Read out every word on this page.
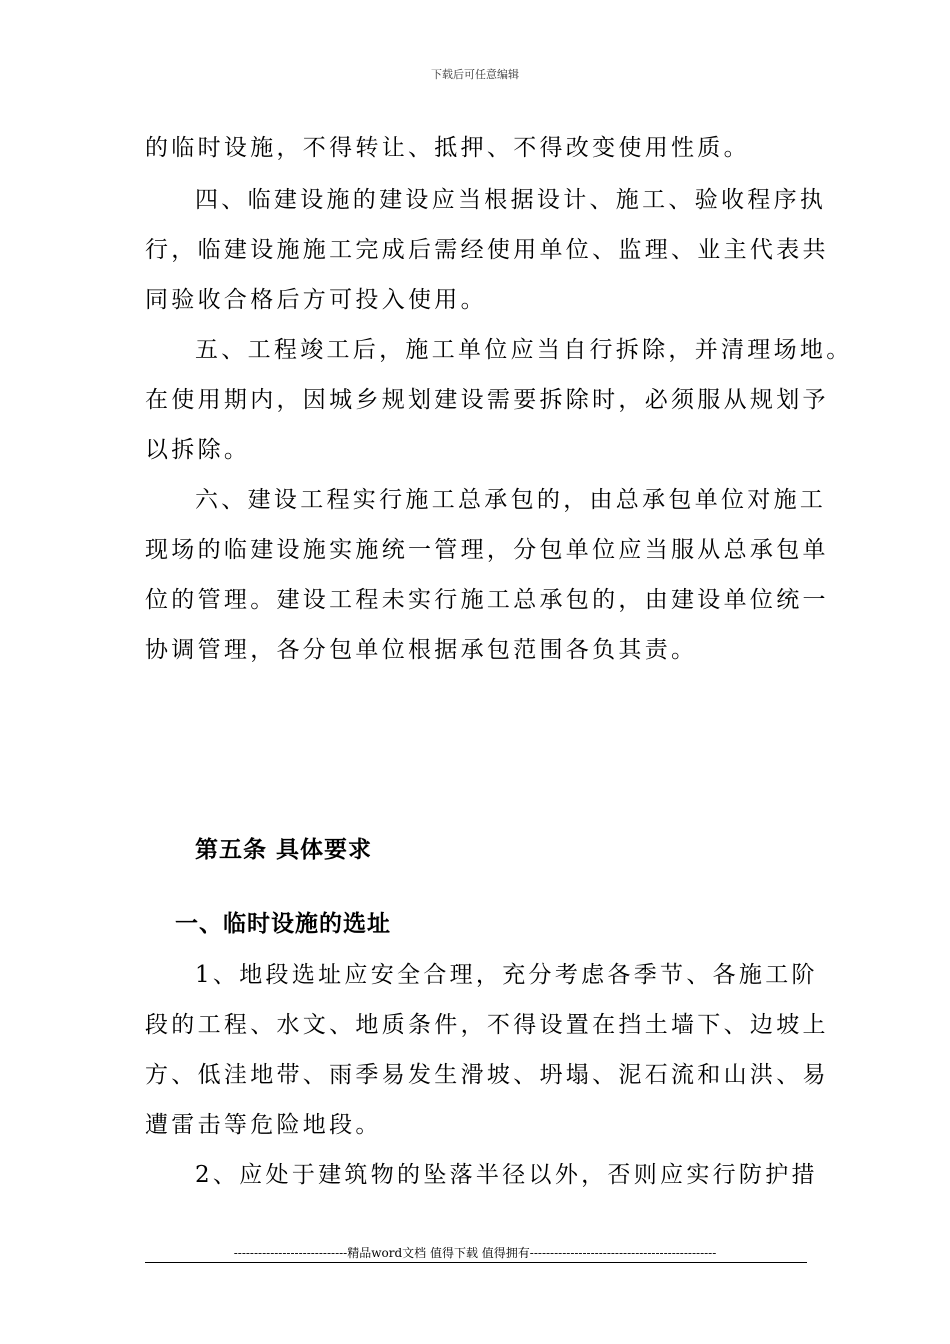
下载后可任意编辑
的临时设施，不得转让、抵押、不得改变使用性质。
四、临建设施的建设应当根据设计、施工、验收程序执
行，临建设施施工完成后需经使用单位、监理、业主代表共
同验收合格后方可投入使用。
五、工程竣工后，施工单位应当自行拆除，并清理场地。
在使用期内，因城乡规划建设需要拆除时，必须服从规划予
以拆除。
六、建设工程实行施工总承包的，由总承包单位对施工
现场的临建设施实施统一管理，分包单位应当服从总承包单
位的管理。建设工程未实行施工总承包的，由建设单位统一
协调管理，各分包单位根据承包范围各负其责。
第五条 具体要求
一、临时设施的选址
1、地段选址应安全合理，充分考虑各季节、各施工阶
段的工程、水文、地质条件，不得设置在挡土墙下、边坡上
方、低洼地带、雨季易发生滑坡、坍塌、泥石流和山洪、易
遭雷击等危险地段。
2、应处于建筑物的坠落半径以外，否则应实行防护措
----------------------------精品word文档 值得下载 值得拥有----------------------------------------------
